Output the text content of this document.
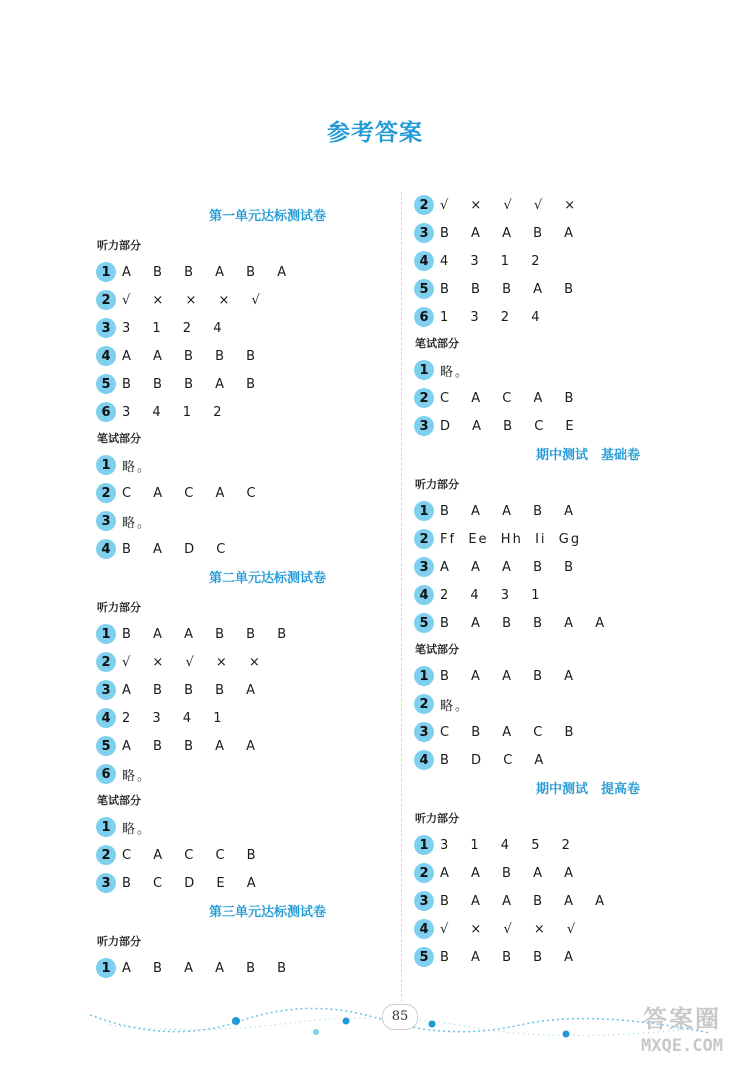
参考答案
第一单元达标测试卷
听力部分
1 A B B A B A
2 √ × × × √
3 3 1 2 4
4 A A B B B
5 B B B A B
6 3 4 1 2
笔试部分
1 略。
2 C A C A C
3 略。
4 B A D C
第二单元达标测试卷
听力部分
1 B A A B B B
2 √ × √ × ×
3 A B B B A
4 2 3 4 1
5 A B B A A
6 略。
笔试部分
1 略。
2 C A C C B
3 B C D E A
第三单元达标测试卷
听力部分
1 A B A A B B
2 √ × √ √ ×
3 B A A B A
4 4 3 1 2
5 B B B A B
6 1 3 2 4
笔试部分
1 略。
2 C A C A B
3 D A B C E
期中测试　基础卷
听力部分
1 B A A B A
2 Ff  Ee  Hh  Ii  Gg
3 A A A B B
4 2 4 3 1
5 B A B B A A
笔试部分
1 B A A B A
2 略。
3 C B A C B
4 B D C A
期中测试　提高卷
听力部分
1 3 1 4 5 2
2 A A B A A
3 B A A B A A
4 √ × √ × √
5 B A B B A
85	答案圈
MXQE.COM
